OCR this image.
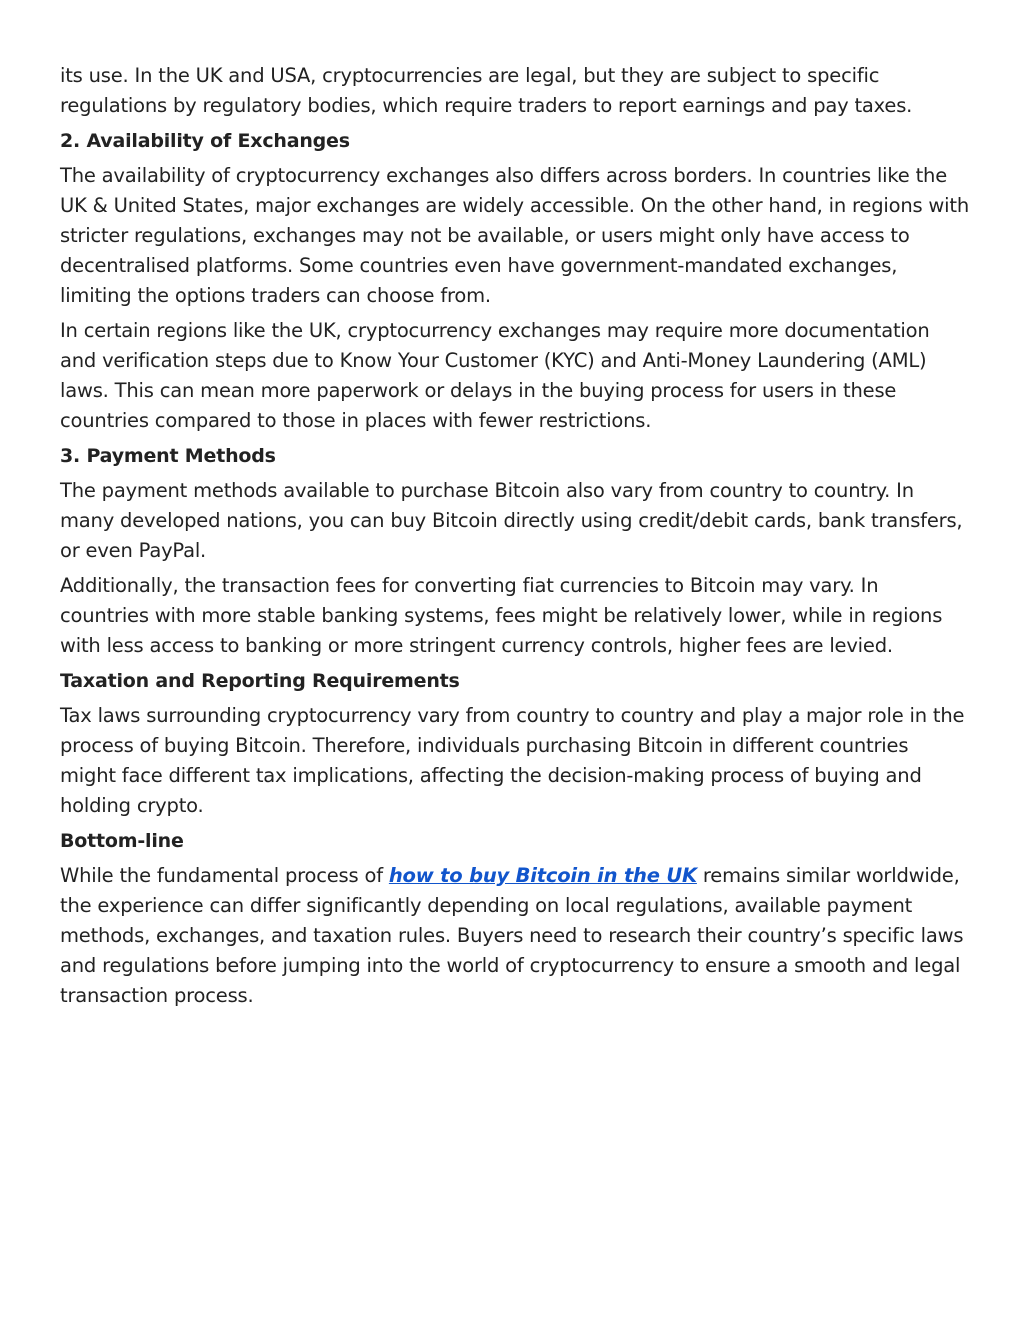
its use. In the UK and USA, cryptocurrencies are legal, but they are subject to specific regulations by regulatory bodies, which require traders to report earnings and pay taxes.

2. Availability of Exchanges

The availability of cryptocurrency exchanges also differs across borders. In countries like the UK & United States, major exchanges are widely accessible. On the other hand, in regions with stricter regulations, exchanges may not be available, or users might only have access to decentralised platforms. Some countries even have government-mandated exchanges, limiting the options traders can choose from.

In certain regions like the UK, cryptocurrency exchanges may require more documentation and verification steps due to Know Your Customer (KYC) and Anti-Money Laundering (AML) laws. This can mean more paperwork or delays in the buying process for users in these countries compared to those in places with fewer restrictions.

3. Payment Methods

The payment methods available to purchase Bitcoin also vary from country to country. In many developed nations, you can buy Bitcoin directly using credit/debit cards, bank transfers, or even PayPal.

Additionally, the transaction fees for converting fiat currencies to Bitcoin may vary. In countries with more stable banking systems, fees might be relatively lower, while in regions with less access to banking or more stringent currency controls, higher fees are levied.

Taxation and Reporting Requirements

Tax laws surrounding cryptocurrency vary from country to country and play a major role in the process of buying Bitcoin. Therefore, individuals purchasing Bitcoin in different countries might face different tax implications, affecting the decision-making process of buying and holding crypto.

Bottom-line

While the fundamental process of how to buy Bitcoin in the UK remains similar worldwide, the experience can differ significantly depending on local regulations, available payment methods, exchanges, and taxation rules. Buyers need to research their country’s specific laws and regulations before jumping into the world of cryptocurrency to ensure a smooth and legal transaction process.
